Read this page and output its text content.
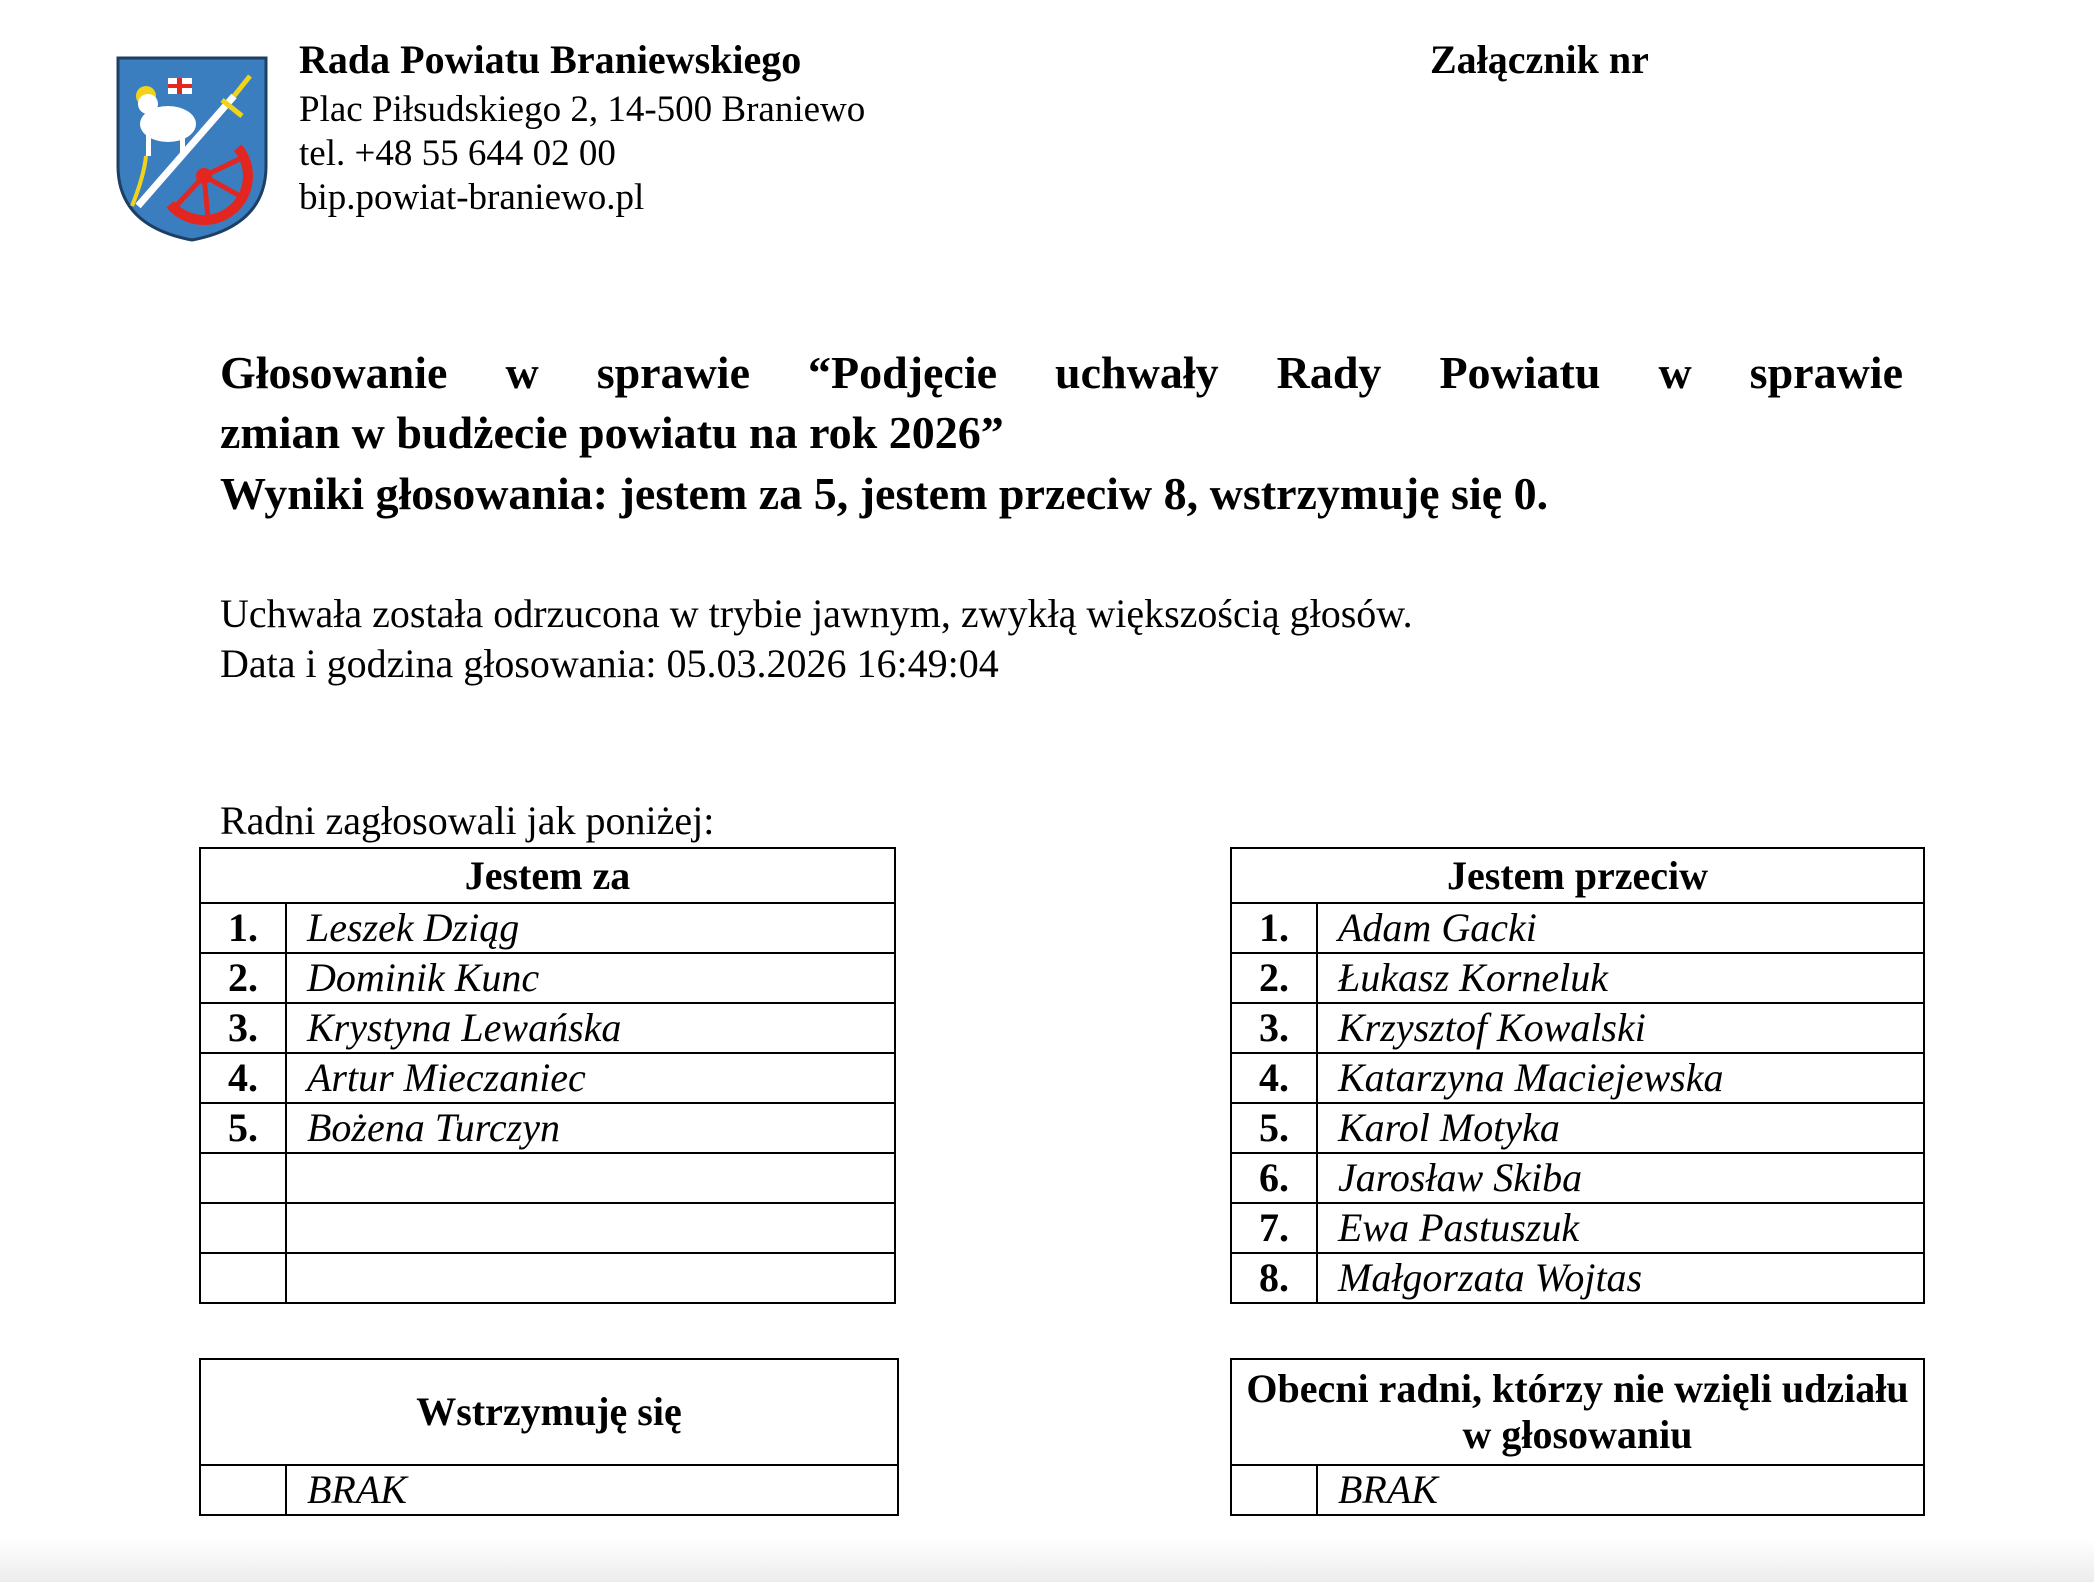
Rada Powiatu Braniewskiego
Plac Piłsudskiego 2, 14-500 Braniewo
tel. +48 55 644 02 00
bip.powiat-braniewo.pl
Załącznik nr
Głosowanie w sprawie “Podjęcie uchwały Rady Powiatu w sprawie
zmian w budżecie powiatu na rok 2026”
Wyniki głosowania: jestem za 5, jestem przeciw 8, wstrzymuję się 0.
Uchwała została odrzucona w trybie jawnym, zwykłą większością głosów.
Data i godzina głosowania: 05.03.2026 16:49:04
Radni zagłosowali jak poniżej:
Jestem za	
1.	Leszek Dziąg
2.	Dominik Kunc
3.	Krystyna Lewańska
4.	Artur Mieczaniec
5.	Bożena Turczyn

Jestem przeciw	
1.	Adam Gacki
2.	Łukasz Korneluk
3.	Krzysztof Kowalski
4.	Katarzyna Maciejewska
5.	Karol Motyka
6.	Jarosław Skiba
7.	Ewa Pastuszuk
8.	Małgorzata Wojtas
Wstrzymuję się
	BRAK
Obecni radni, którzy nie wzięli udziału w głosowaniu
	BRAK
